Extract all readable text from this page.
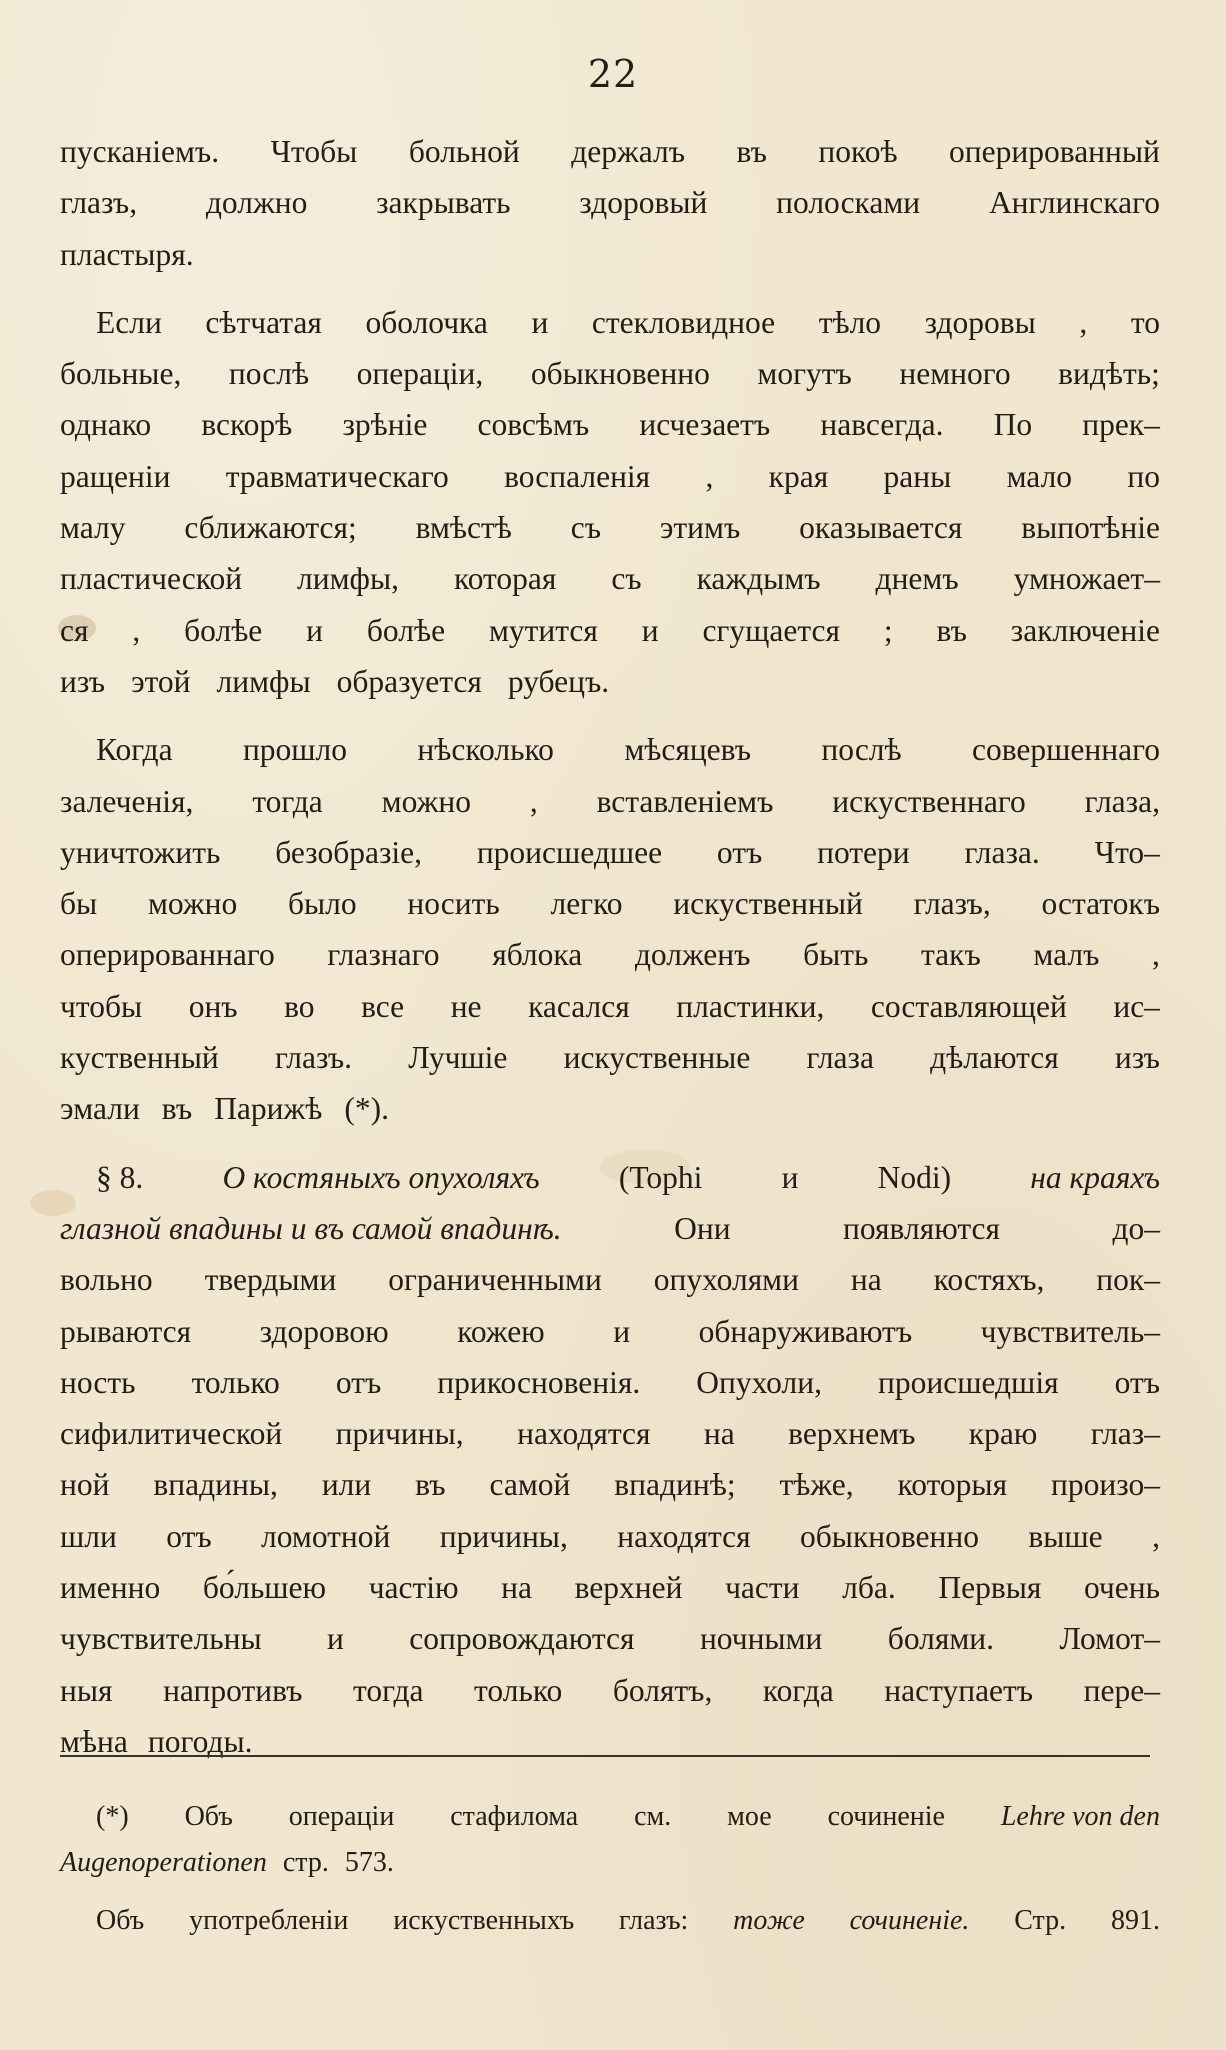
22
пусканіемъ. Чтобы больной держалъ въ покоѣ оперированный
глазъ, должно закрывать здоровый полосками Англинскаго
пластыря.
Если сѣтчатая оболочка и стекловидное тѣло здоровы , то
больные, послѣ операціи, обыкновенно могутъ немного видѣть;
однако вскорѣ зрѣніе совсѣмъ исчезаетъ навсегда. По прек–
ращеніи травматическаго воспаленія , края раны мало по
малу сближаются; вмѣстѣ съ этимъ оказывается выпотѣніе
пластической лимфы, которая съ каждымъ днемъ умножает–
ся , болѣе и болѣе мутится и сгущается ; въ заключеніе
изъ этой лимфы образуется рубецъ.
Когда прошло нѣсколько мѣсяцевъ послѣ совершеннаго
залеченія, тогда можно , вставленіемъ искуственнаго глаза,
уничтожить безобразіе, происшедшее отъ потери глаза. Что–
бы можно было носить легко искуственный глазъ, остатокъ
оперированнаго глазнаго яблока долженъ быть такъ малъ ,
чтобы онъ во все не касался пластинки, составляющей ис–
куственный глазъ. Лучшіе искуственные глаза дѣлаются изъ
эмали въ Парижѣ (*).
§ 8.	О костяныхъ опухоляхъ	(Tophi	и	Nodi)	на краяхъ
глазной впадины и въ самой впадинѣ.	Они	появляются	до–
вольно твердыми ограниченными опухолями на костяхъ, пок–
рываются здоровою кожею и обнаруживаютъ чувствитель–
ность только отъ прикосновенія. Опухоли, происшедшія отъ
сифилитической причины, находятся на верхнемъ краю глаз–
ной впадины, или въ самой впадинѣ; тѣже, которыя произо–
шли отъ ломотной причины, находятся обыкновенно выше ,
именно бо́льшею частію на верхней части лба. Первыя очень
чувствительны и сопровождаются ночными болями. Ломот–
ныя напротивъ тогда только болятъ, когда наступаетъ пере–
мѣна погоды.
(*) Объ операціи стафилома см. мое сочиненіе Lehre von den
Augenoperationen стр. 573.
Объ употребленіи искуственныхъ глазъ: тоже сочиненіе. Стр. 891.
